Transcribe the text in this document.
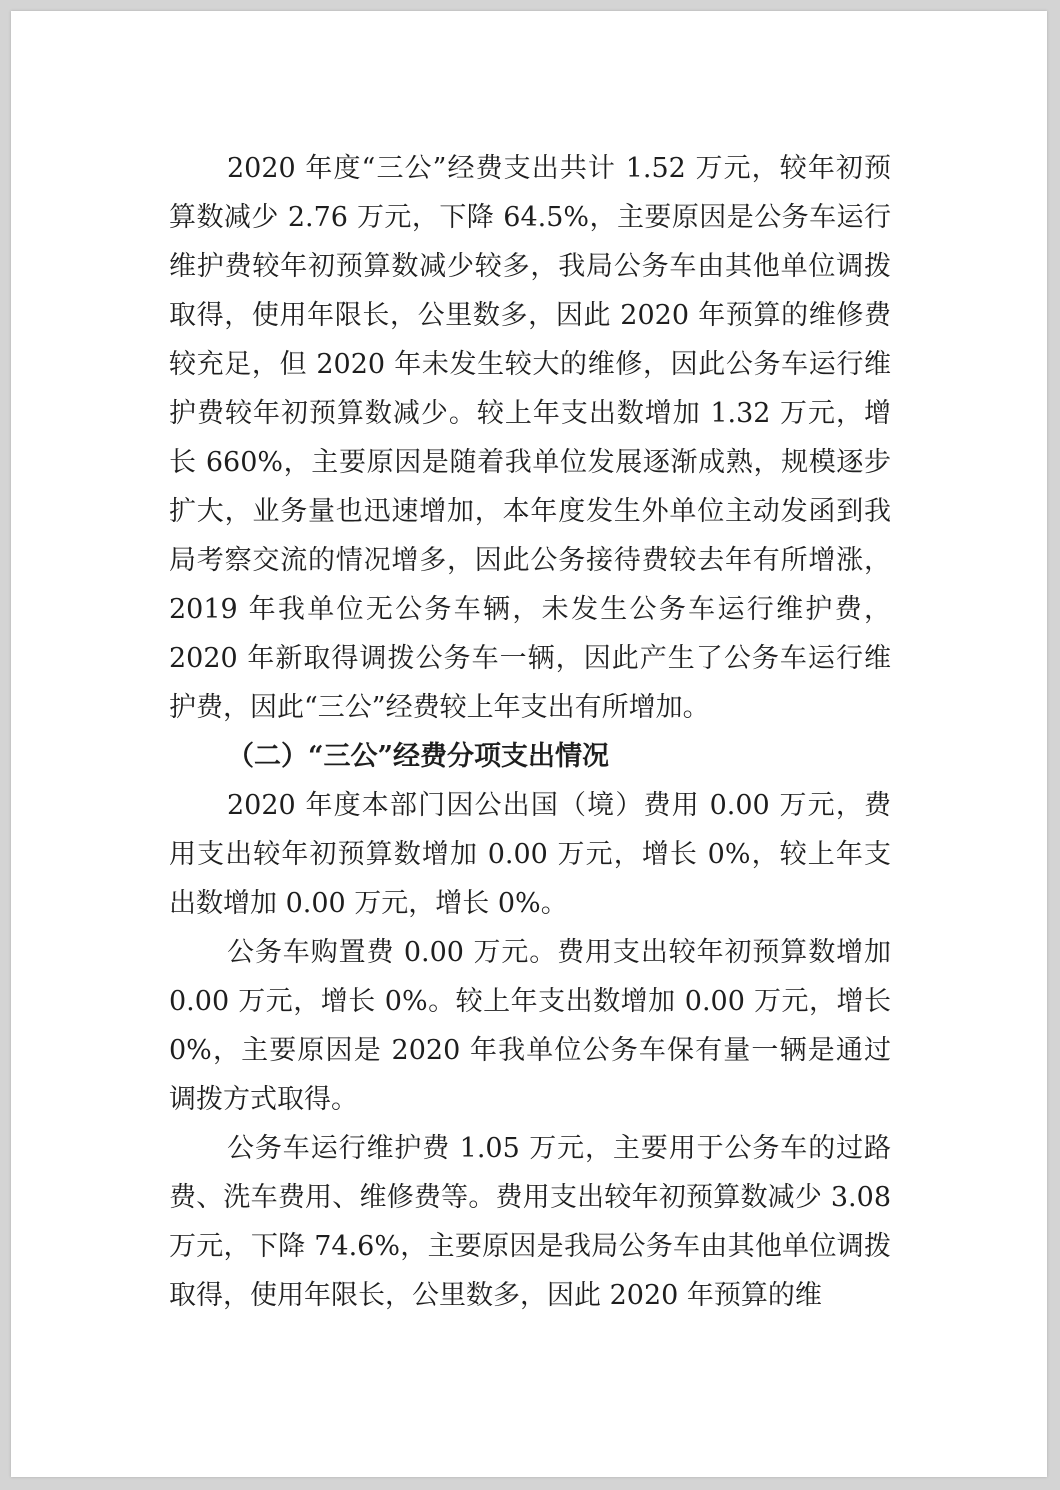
2020 年度“三公”经费支出共计 1.52 万元，较年初预算数减少 2.76 万元，下降 64.5%，主要原因是公务车运行维护费较年初预算数减少较多，我局公务车由其他单位调拨取得，使用年限长，公里数多，因此 2020 年预算的维修费较充足，但 2020 年未发生较大的维修，因此公务车运行维护费较年初预算数减少。较上年支出数增加 1.32 万元，增长 660%，主要原因是随着我单位发展逐渐成熟，规模逐步扩大，业务量也迅速增加，本年度发生外单位主动发函到我局考察交流的情况增多，因此公务接待费较去年有所增涨，2019 年我单位无公务车辆，未发生公务车运行维护费，2020 年新取得调拨公务车一辆，因此产生了公务车运行维护费，因此“三公”经费较上年支出有所增加。

（二）“三公”经费分项支出情况

2020 年度本部门因公出国（境）费用 0.00 万元，费用支出较年初预算数增加 0.00 万元，增长 0%，较上年支出数增加 0.00 万元，增长 0%。

公务车购置费 0.00 万元。费用支出较年初预算数增加 0.00 万元，增长 0%。较上年支出数增加 0.00 万元，增长 0%，主要原因是 2020 年我单位公务车保有量一辆是通过调拨方式取得。

公务车运行维护费 1.05 万元，主要用于公务车的过路费、洗车费用、维修费等。费用支出较年初预算数减少 3.08 万元，下降 74.6%，主要原因是我局公务车由其他单位调拨取得，使用年限长，公里数多，因此 2020 年预算的维
